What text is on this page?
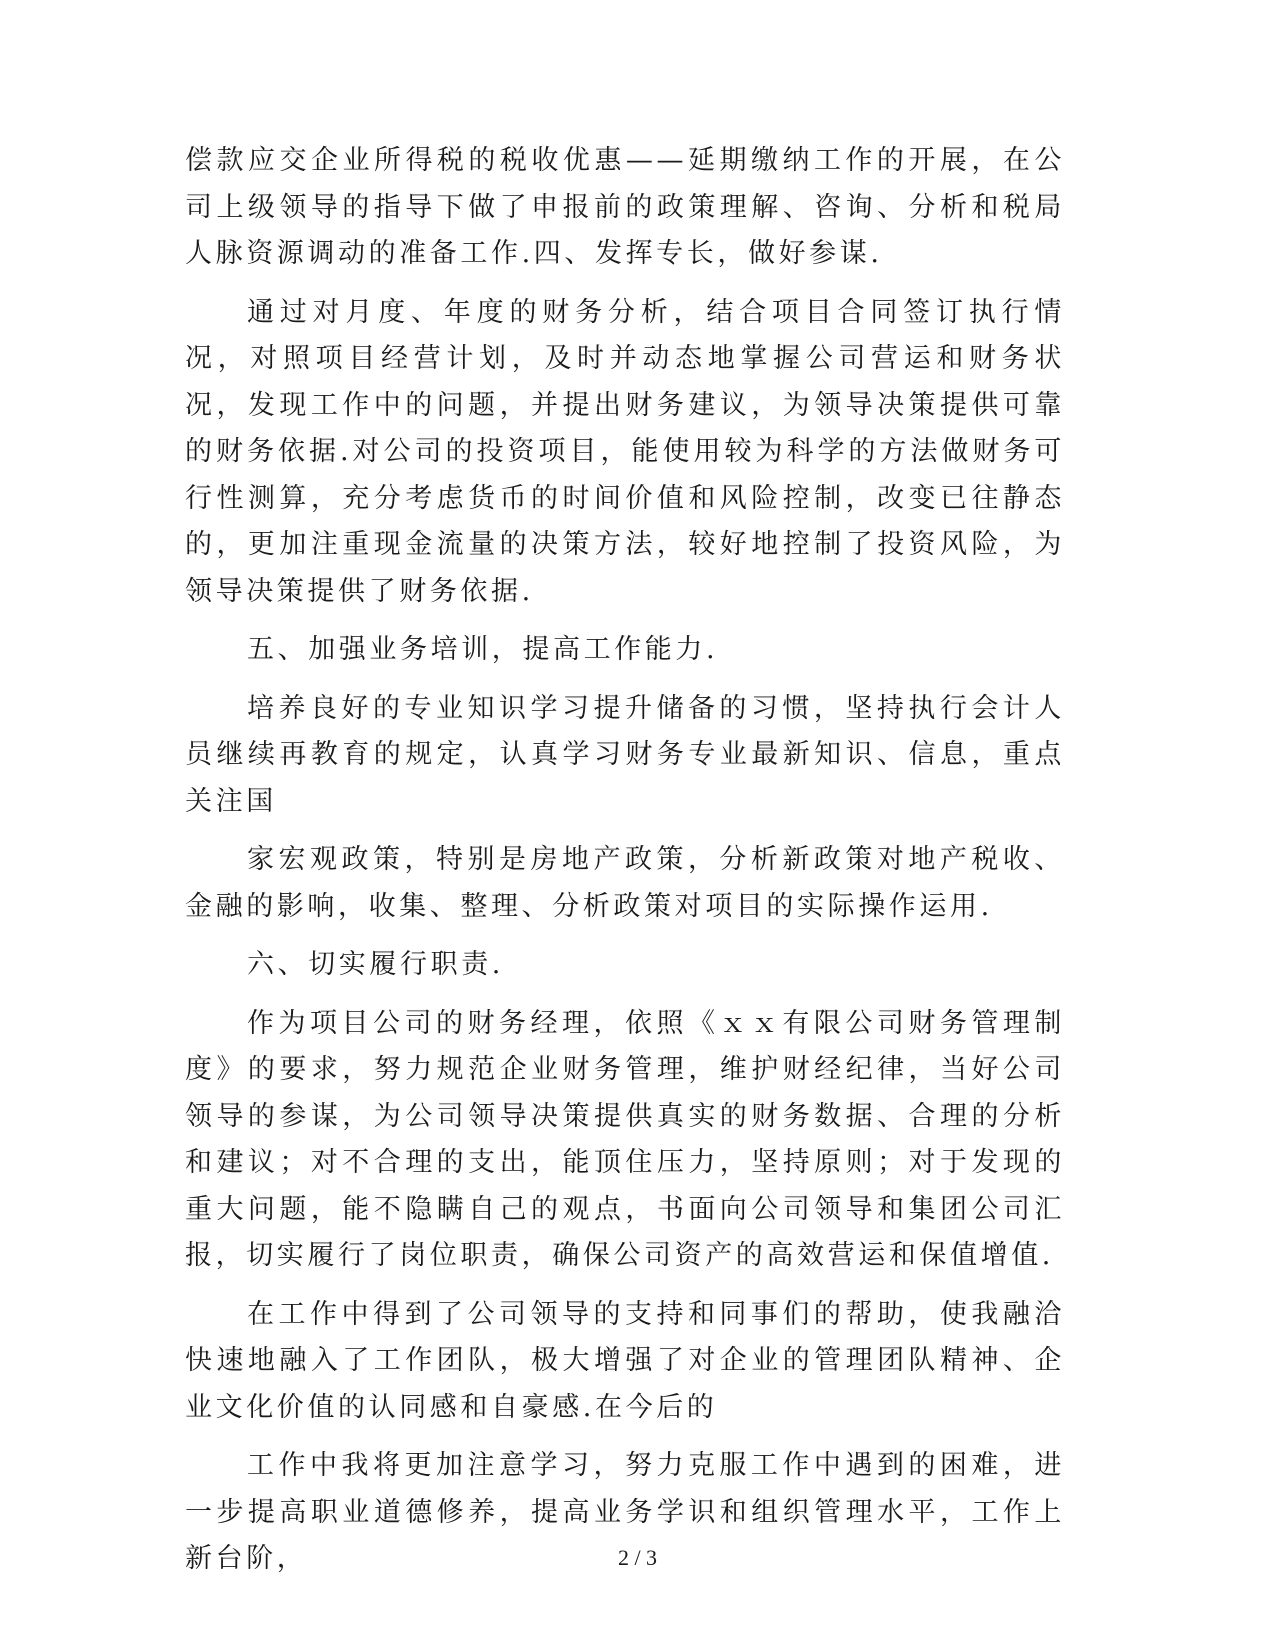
偿款应交企业所得税的税收优惠——延期缴纳工作的开展，在公司上级领导的指导下做了申报前的政策理解、咨询、分析和税局人脉资源调动的准备工作.四、发挥专长，做好参谋.

通过对月度、年度的财务分析，结合项目合同签订执行情况，对照项目经营计划，及时并动态地掌握公司营运和财务状况，发现工作中的问题，并提出财务建议，为领导决策提供可靠的财务依据.对公司的投资项目，能使用较为科学的方法做财务可行性测算，充分考虑货币的时间价值和风险控制，改变已往静态的，更加注重现金流量的决策方法，较好地控制了投资风险，为领导决策提供了财务依据.

五、加强业务培训，提高工作能力.

培养良好的专业知识学习提升储备的习惯，坚持执行会计人员继续再教育的规定，认真学习财务专业最新知识、信息，重点关注国

家宏观政策，特别是房地产政策，分析新政策对地产税收、金融的影响，收集、整理、分析政策对项目的实际操作运用.

六、切实履行职责.

作为项目公司的财务经理，依照《ｘｘ有限公司财务管理制度》的要求，努力规范企业财务管理，维护财经纪律，当好公司领导的参谋，为公司领导决策提供真实的财务数据、合理的分析和建议；对不合理的支出，能顶住压力，坚持原则；对于发现的重大问题，能不隐瞒自己的观点，书面向公司领导和集团公司汇报，切实履行了岗位职责，确保公司资产的高效营运和保值增值.

在工作中得到了公司领导的支持和同事们的帮助，使我融洽快速地融入了工作团队，极大增强了对企业的管理团队精神、企业文化价值的认同感和自豪感.在今后的

工作中我将更加注意学习，努力克服工作中遇到的困难，进一步提高职业道德修养，提高业务学识和组织管理水平，工作上新台阶，	2 / 3
